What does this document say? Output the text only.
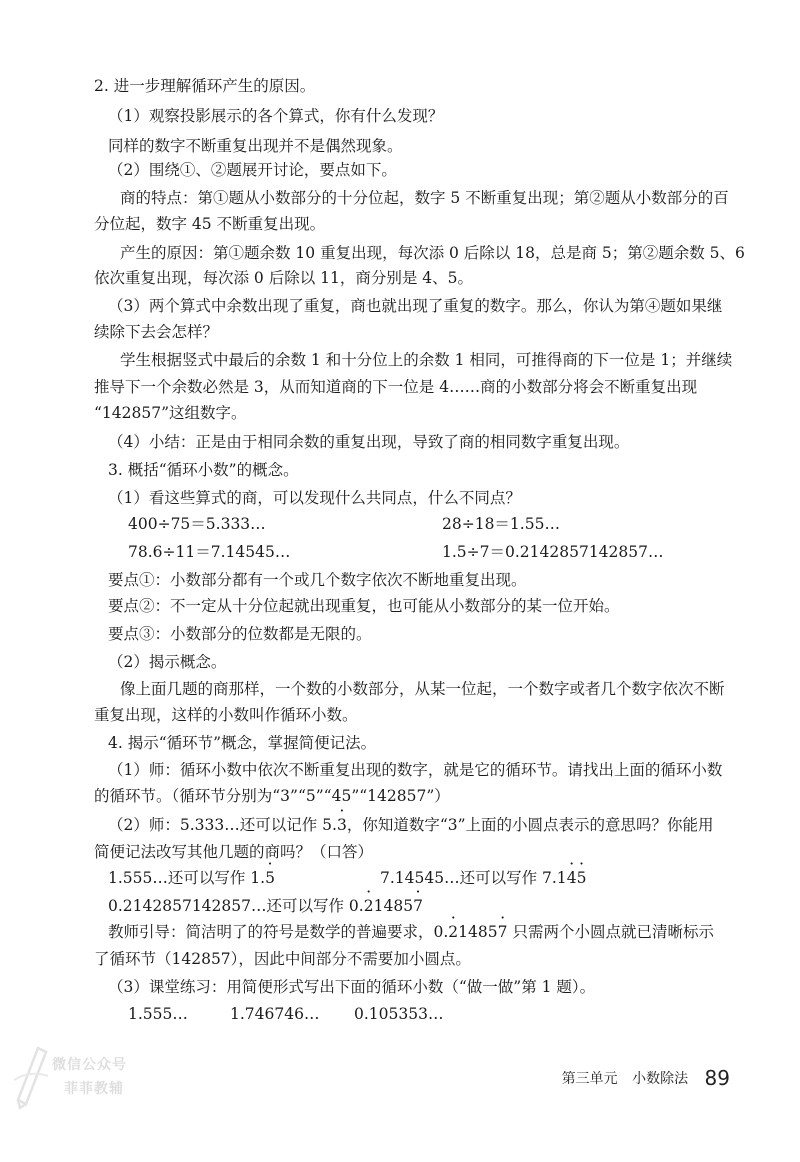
2. 进一步理解循环产生的原因。
（1）观察投影展示的各个算式，你有什么发现？
同样的数字不断重复出现并不是偶然现象。
（2）围绕①、②题展开讨论，要点如下。
商的特点：第①题从小数部分的十分位起，数字 5 不断重复出现；第②题从小数部分的百
分位起，数字 45 不断重复出现。
产生的原因：第①题余数 10 重复出现，每次添 0 后除以 18，总是商 5；第②题余数 5、6
依次重复出现，每次添 0 后除以 11，商分别是 4、5。
（3）两个算式中余数出现了重复，商也就出现了重复的数字。那么，你认为第④题如果继
续除下去会怎样？
学生根据竖式中最后的余数 1 和十分位上的余数 1 相同，可推得商的下一位是 1；并继续
推导下一个余数必然是 3，从而知道商的下一位是 4……商的小数部分将会不断重复出现
“142857”这组数字。
（4）小结：正是由于相同余数的重复出现，导致了商的相同数字重复出现。
3. 概括“循环小数”的概念。
（1）看这些算式的商，可以发现什么共同点，什么不同点？
400÷75＝5.333…	28÷18＝1.55…
78.6÷11＝7.14545…	1.5÷7＝0.2142857142857…
要点①：小数部分都有一个或几个数字依次不断地重复出现。
要点②：不一定从十分位起就出现重复，也可能从小数部分的某一位开始。
要点③：小数部分的位数都是无限的。
（2）揭示概念。
像上面几题的商那样，一个数的小数部分，从某一位起，一个数字或者几个数字依次不断
重复出现，这样的小数叫作循环小数。
4. 揭示“循环节”概念，掌握简便记法。
（1）师：循环小数中依次不断重复出现的数字，就是它的循环节。请找出上面的循环小数
的循环节。（循环节分别为“3”“5”“45”“142857”）
（2）师：5.333…还可以记作 5.3 ·，你知道数字“3”上面的小圆点表示的意思吗？你能用
简便记法改写其他几题的商吗？（口答）
1.555…还可以写作 1.5 ·	7.14545…还可以写作 7.14 ·5 ·
0.2142857142857…还可以写作 0.2 ·14857 ·
教师引导：简洁明了的符号是数学的普遍要求，0.2 ·14857 · 只需两个小圆点就已清晰标示
了循环节（142857），因此中间部分不需要加小圆点。
（3）课堂练习：用简便形式写出下面的循环小数（“做一做”第 1 题）。
1.555…	1.746746… 0.105353…
微信公众号
菲菲教辅
第三单元 小数除法 89
